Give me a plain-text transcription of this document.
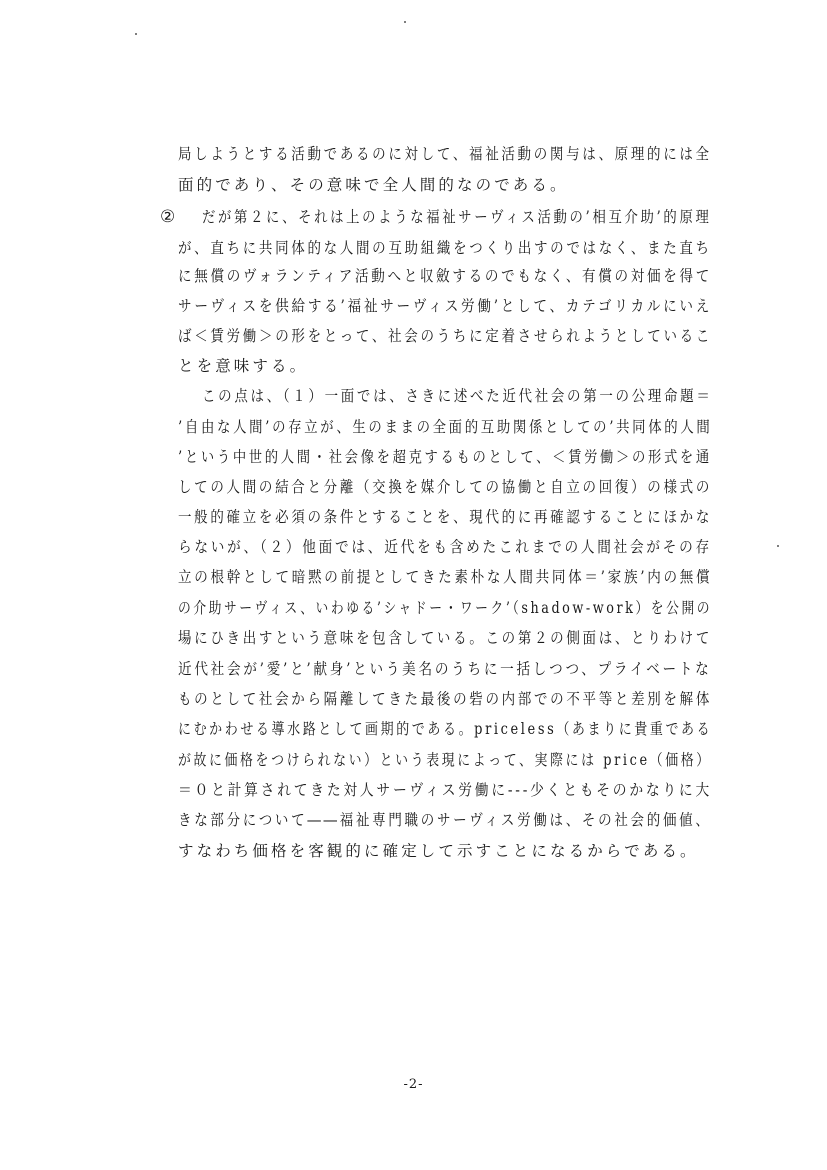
局しようとする活動であるのに対して、福祉活動の関与は、原理的には全
面的であり、その意味で全人間的なのである。
② だが第２に、それは上のような福祉サーヴィス活動の’相互介助’的原理
が、直ちに共同体的な人間の互助組織をつくり出すのではなく、また直ち
に無償のヴォランティア活動へと収斂するのでもなく、有償の対価を得て
サーヴィスを供給する’福祉サーヴィス労働’として、カテゴリカルにいえ
ば＜賃労働＞の形をとって、社会のうちに定着させられようとしているこ
とを意味する。
この点は、（１）一面では、さきに述べた近代社会の第一の公理命題＝
’自由な人間’の存立が、生のままの全面的互助関係としての’共同体的人間
’という中世的人間・社会像を超克するものとして、＜賃労働＞の形式を通
しての人間の結合と分離（交換を媒介しての協働と自立の回復）の様式の
一般的確立を必須の条件とすることを、現代的に再確認することにほかな
らないが、（２）他面では、近代をも含めたこれまでの人間社会がその存
立の根幹として暗黙の前提としてきた素朴な人間共同体＝’家族’内の無償
の介助サーヴィス、いわゆる’シャドー・ワーク’（shadow-work）を公開の
場にひき出すという意味を包含している。この第２の側面は、とりわけて
近代社会が’愛’と’献身’という美名のうちに一括しつつ、プライベートな
ものとして社会から隔離してきた最後の砦の内部での不平等と差別を解体
にむかわせる導水路として画期的である。priceless（あまりに貴重である
が故に価格をつけられない）という表現によって、実際には price（価格）
＝０と計算されてきた対人サーヴィス労働に‐‐‐少くともそのかなりに大
きな部分について――福祉専門職のサーヴィス労働は、その社会的価値、
すなわち価格を客観的に確定して示すことになるからである。
-2-
